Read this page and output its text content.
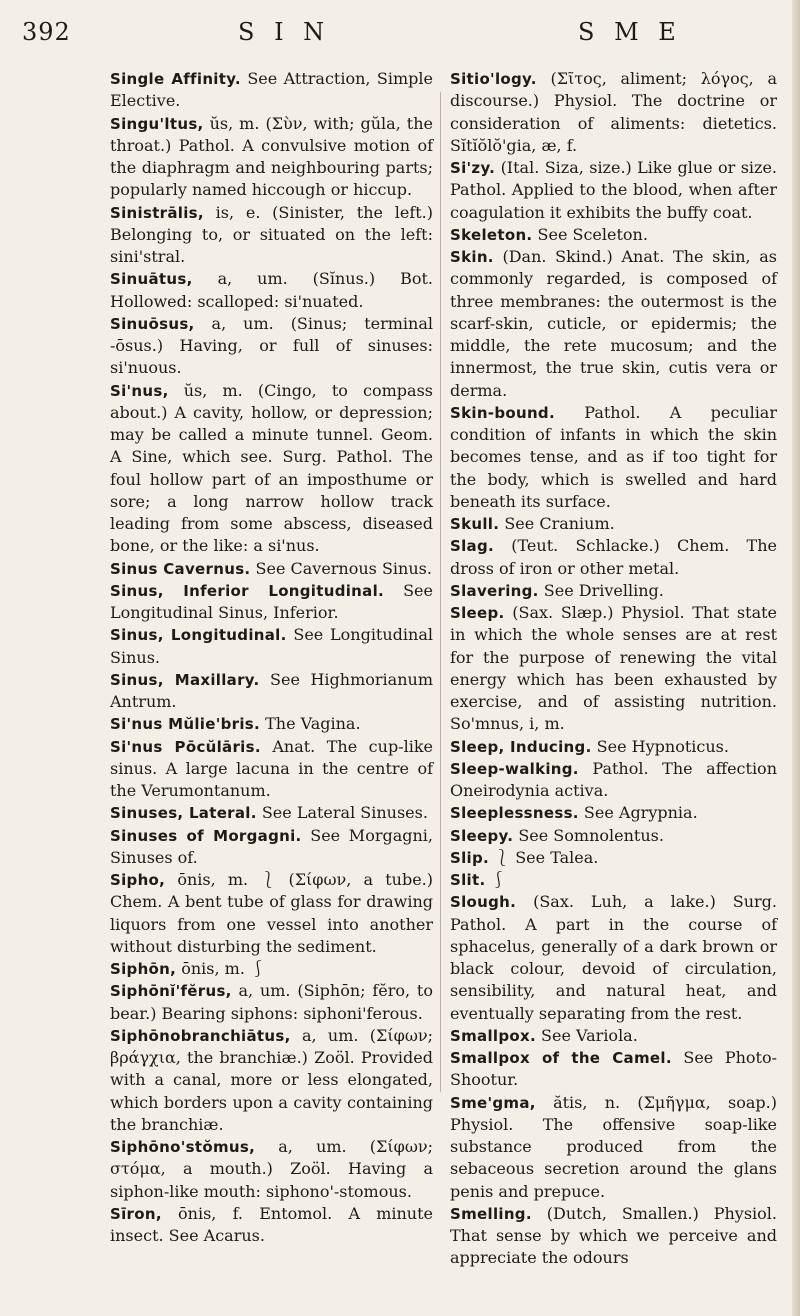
392	S I N	S M E

Single Affinity. See Attraction, Simple Elective.

Singu'ltus, ŭs, m. (Σὺν, with; gŭla, the throat.) Pathol. A convulsive motion of the diaphragm and neighbouring parts; popularly named hiccough or hiccup.

Sinistrālis, is, e. (Sinister, the left.) Belonging to, or situated on the left: sini'stral.

Sinuātus, a, um. (Sĭnus.) Bot. Hollowed: scalloped: si'nuated.

Sinuōsus, a, um. (Sinus; terminal -ōsus.) Having, or full of sinuses: si'nuous.

Si'nus, ŭs, m. (Cingo, to compass about.) A cavity, hollow, or depression; may be called a minute tunnel. Geom. A Sine, which see. Surg. Pathol. The foul hollow part of an imposthume or sore; a long narrow hollow track leading from some abscess, diseased bone, or the like: a si'nus.

Sinus Cavernus. See Cavernous Sinus.

Sinus, Inferior Longitudinal. See Longitudinal Sinus, Inferior.

Sinus, Longitudinal. See Longitudinal Sinus.

Sinus, Maxillary. See Highmorianum Antrum.

Si'nus Mŭlie'bris. The Vagina.

Si'nus Pōcŭlāris. Anat. The cup-like sinus. A large lacuna in the centre of the Verumontanum.

Sinuses, Lateral. See Lateral Sinuses.

Sinuses of Morgagni. See Morgagni, Sinuses of.

Sipho, ōnis, m. ⎱ (Σίφων, a tube.) Chem. A bent tube of glass for drawing liquors from one vessel into another without disturbing the sediment.

Siphōn, ōnis, m. ⎰

Siphōnĭ'fĕrus, a, um. (Siphōn; fĕro, to bear.) Bearing siphons: siphoni'ferous.

Siphōnobranchiātus, a, um. (Σίφων; βράγχια, the branchiæ.) Zoöl. Provided with a canal, more or less elongated, which borders upon a cavity containing the branchiæ.

Siphōno'stŏmus, a, um. (Σίφων; στόμα, a mouth.) Zoöl. Having a siphon-like mouth: siphono'-stomous.

Sīron, ōnis, f. Entomol. A minute insect. See Acarus.

Sitio'logy. (Σῖτος, aliment; λόγος, a discourse.) Physiol. The doctrine or consideration of aliments: dietetics. Sĭtĭŏlŏ'gia, æ, f.

Si'zy. (Ital. Siza, size.) Like glue or size. Pathol. Applied to the blood, when after coagulation it exhibits the buffy coat.

Skeleton. See Sceleton.

Skin. (Dan. Skind.) Anat. The skin, as commonly regarded, is composed of three membranes: the outermost is the scarf-skin, cuticle, or epidermis; the middle, the rete mucosum; and the innermost, the true skin, cutis vera or derma.

Skin-bound. Pathol. A peculiar condition of infants in which the skin becomes tense, and as if too tight for the body, which is swelled and hard beneath its surface.

Skull. See Cranium.

Slag. (Teut. Schlacke.) Chem. The dross of iron or other metal.

Slavering. See Drivelling.

Sleep. (Sax. Slæp.) Physiol. That state in which the whole senses are at rest for the purpose of renewing the vital energy which has been exhausted by exercise, and of assisting nutrition. So'mnus, i, m.

Sleep, Inducing. See Hypnoticus.

Sleep-walking. Pathol. The affection Oneirodynia activa.

Sleeplessness. See Agrypnia.

Sleepy. See Somnolentus.

Slip. ⎱ See Talea.

Slit. ⎰

Slough. (Sax. Luh, a lake.) Surg. Pathol. A part in the course of sphacelus, generally of a dark brown or black colour, devoid of circulation, sensibility, and natural heat, and eventually separating from the rest.

Smallpox. See Variola.

Smallpox of the Camel. See Photo-Shootur.

Sme'gma, ătis, n. (Σμῆγμα, soap.) Physiol. The offensive soap-like substance produced from the sebaceous secretion around the glans penis and prepuce.

Smelling. (Dutch, Smallen.) Physiol. That sense by which we perceive and appreciate the odours
